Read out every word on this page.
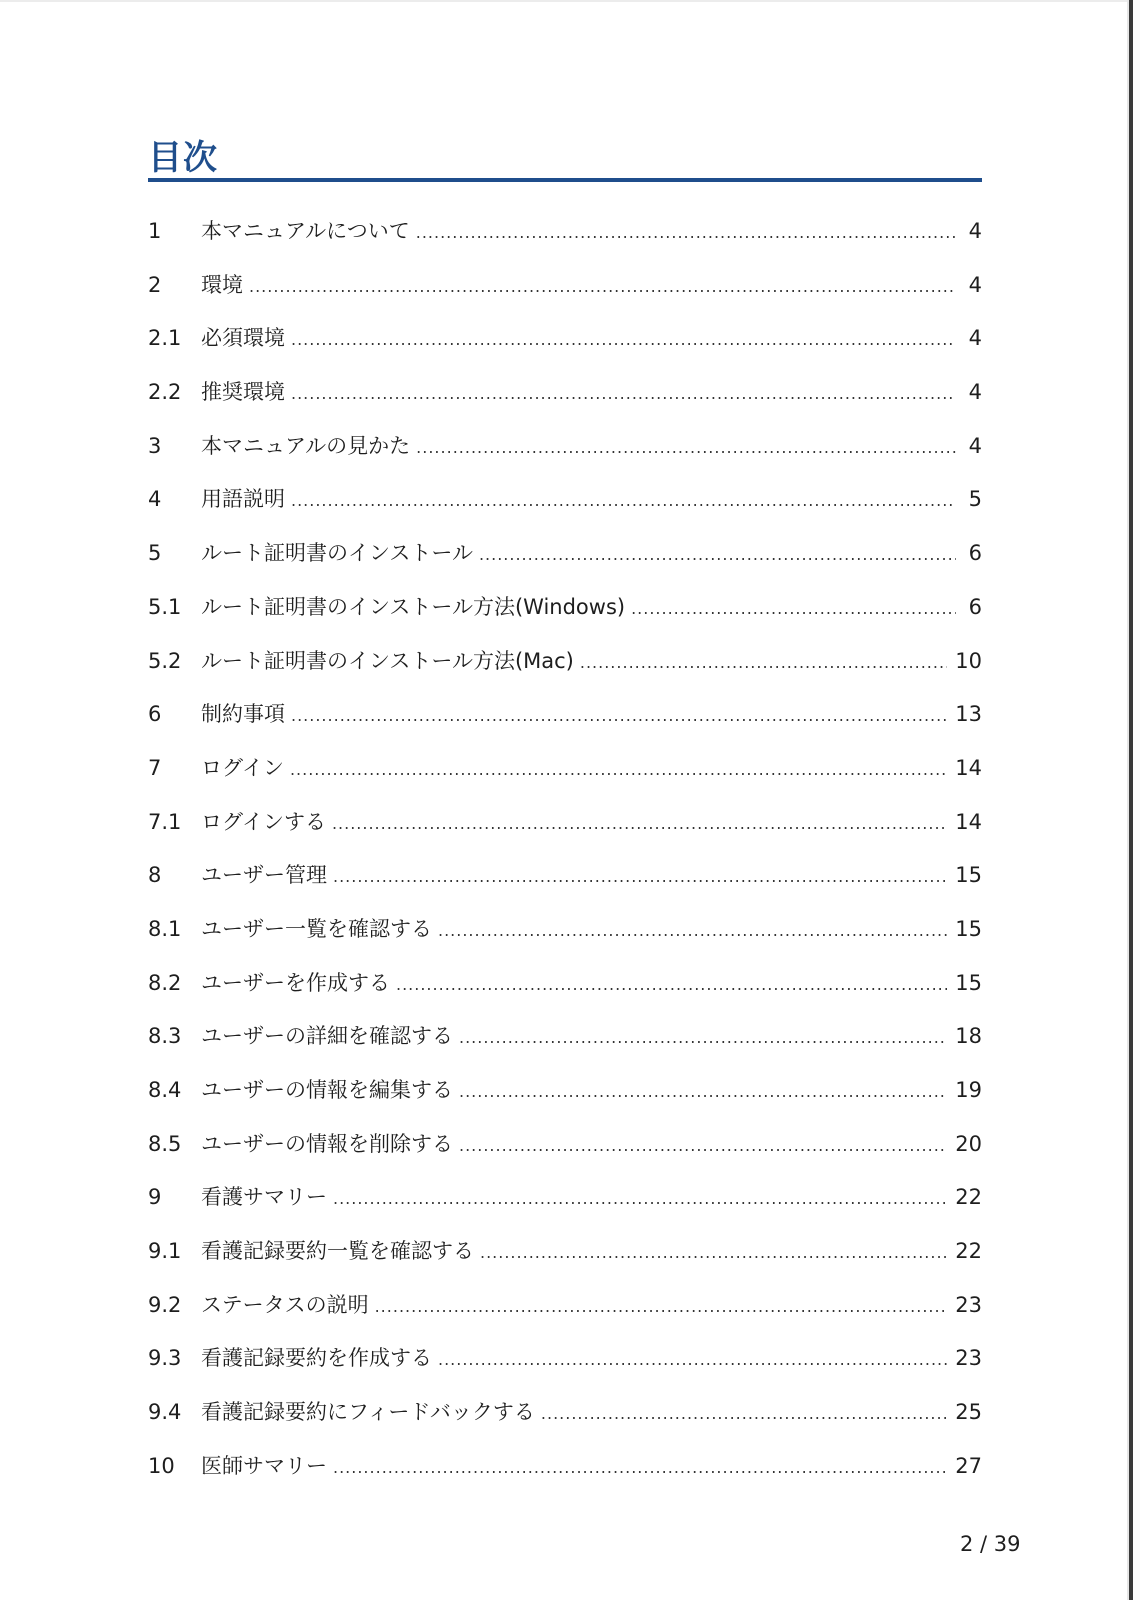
目次
1	本マニュアルについて .....	4
2	環境 .....	4
2.1 必須環境 .....	4
2.2 推奨環境 .....	4
3	本マニュアルの見かた .....	4
4	用語説明 .....	5
5	ルート証明書のインストール .....	6
5.1 ルート証明書のインストール方法(Windows) .....	6
5.2 ルート証明書のインストール方法(Mac) .....	10
6	制約事項 .....	13
7	ログイン .....	14
7.1 ログインする .....	14
8	ユーザー管理 .....	15
8.1 ユーザー一覧を確認する .....	15
8.2 ユーザーを作成する .....	15
8.3 ユーザーの詳細を確認する .....	18
8.4 ユーザーの情報を編集する .....	19
8.5 ユーザーの情報を削除する .....	20
9	看護サマリー .....	22
9.1 看護記録要約一覧を確認する .....	22
9.2 ステータスの説明 .....	23
9.3 看護記録要約を作成する .....	23
9.4 看護記録要約にフィードバックする .....	25
10	医師サマリー .....	27
2 / 39
